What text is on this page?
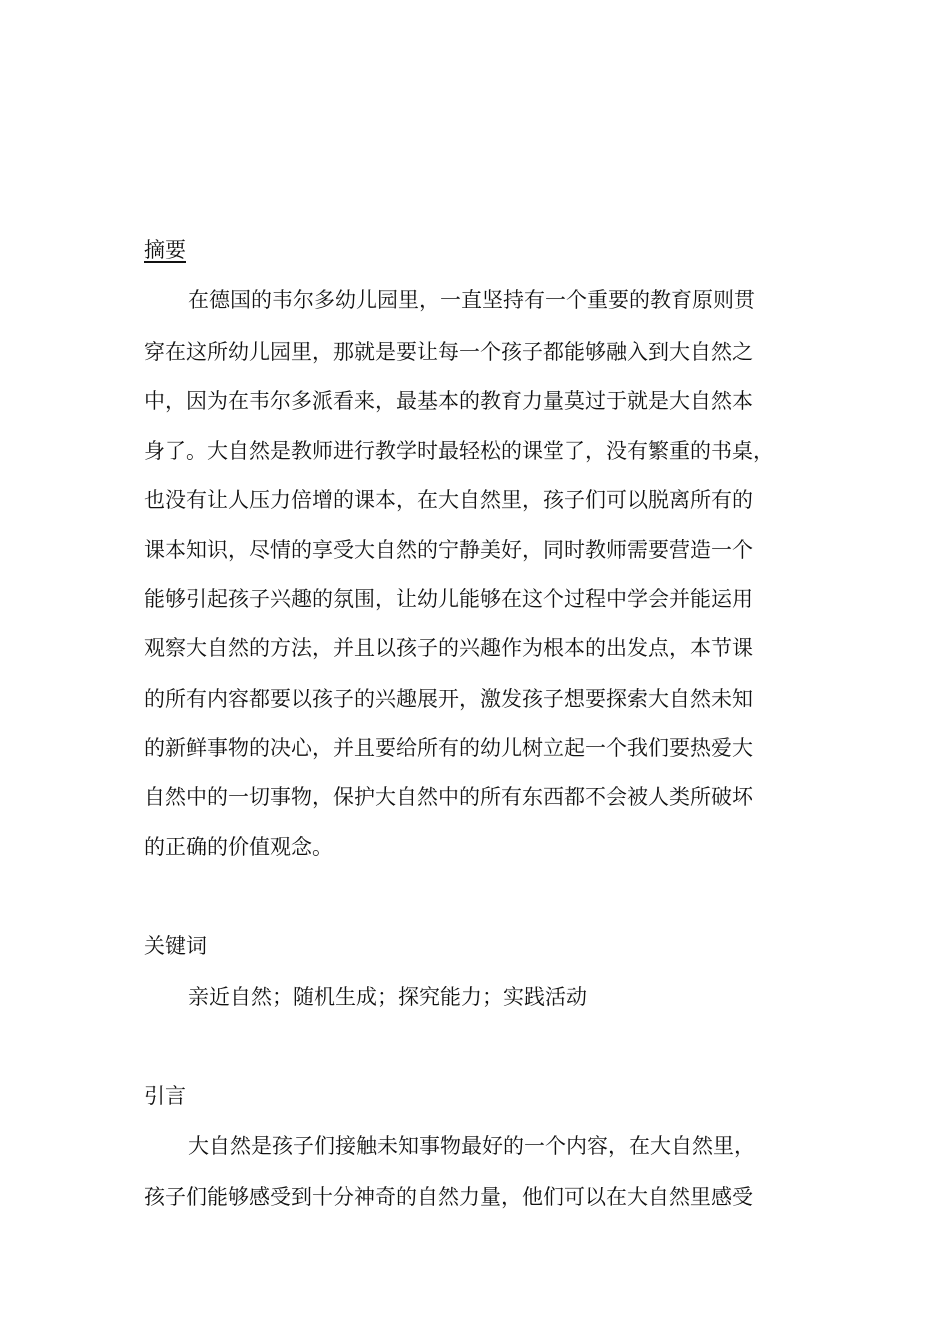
摘要
在德国的韦尔多幼儿园里，一直坚持有一个重要的教育原则贯
穿在这所幼儿园里，那就是要让每一个孩子都能够融入到大自然之
中，因为在韦尔多派看来，最基本的教育力量莫过于就是大自然本
身了。大自然是教师进行教学时最轻松的课堂了，没有繁重的书桌，
也没有让人压力倍增的课本，在大自然里，孩子们可以脱离所有的
课本知识，尽情的享受大自然的宁静美好，同时教师需要营造一个
能够引起孩子兴趣的氛围，让幼儿能够在这个过程中学会并能运用
观察大自然的方法，并且以孩子的兴趣作为根本的出发点，本节课
的所有内容都要以孩子的兴趣展开，激发孩子想要探索大自然未知
的新鲜事物的决心，并且要给所有的幼儿树立起一个我们要热爱大
自然中的一切事物，保护大自然中的所有东西都不会被人类所破坏
的正确的价值观念。
关键词
亲近自然；随机生成；探究能力；实践活动
引言
大自然是孩子们接触未知事物最好的一个内容，在大自然里，
孩子们能够感受到十分神奇的自然力量，他们可以在大自然里感受
